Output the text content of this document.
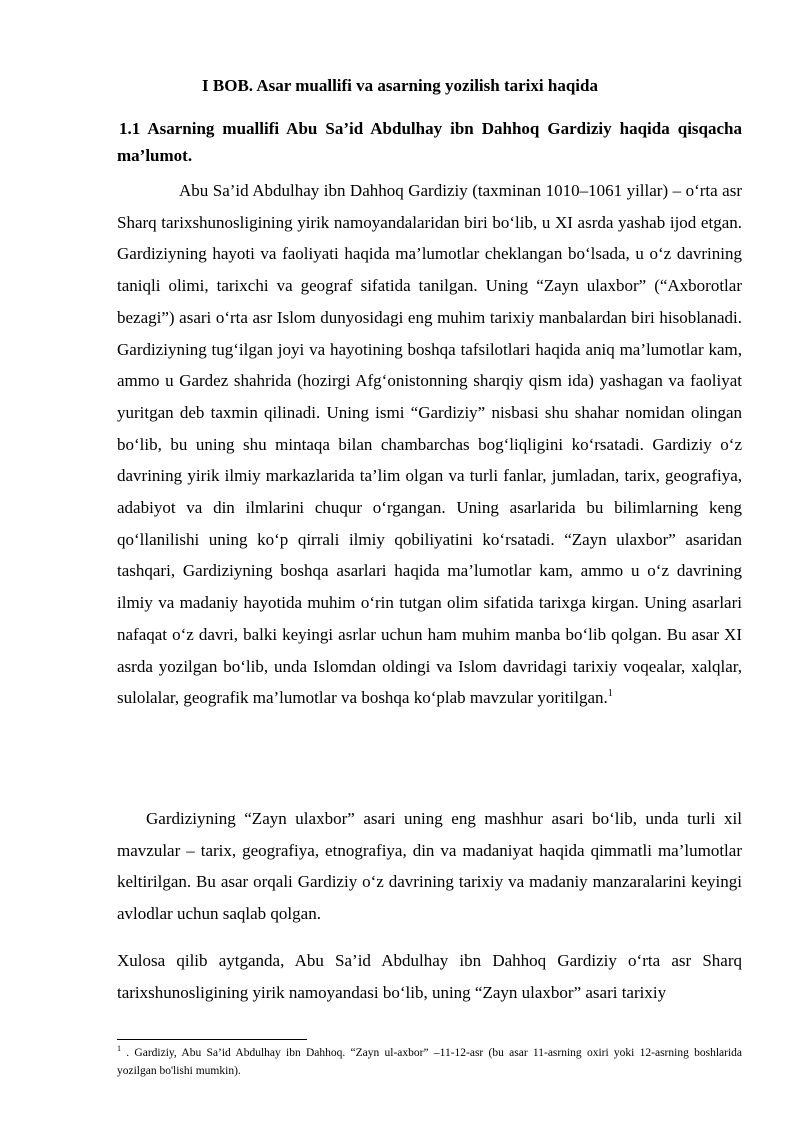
I BOB. Asar muallifi va asarning yozilish tarixi haqida
1.1 Asarning muallifi Abu Sa’id Abdulhay ibn Dahhoq Gardiziy haqida qisqacha ma’lumot.

Abu Sa’id Abdulhay ibn Dahhoq Gardiziy (taxminan 1010–1061 yillar) – o‘rta asr Sharq tarixshunosligining yirik namoyandalaridan biri bo‘lib, u XI asrda yashab ijod etgan. Gardiziyning hayoti va faoliyati haqida ma’lumotlar cheklangan bo‘lsada, u o‘z davrining taniqli olimi, tarixchi va geograf sifatida tanilgan. Uning “Zayn ulaxbor” (“Axborotlar bezagi”) asari o‘rta asr Islom dunyosidagi eng muhim tarixiy manbalardan biri hisoblanadi. Gardiziyning tug‘ilgan joyi va hayotining boshqa tafsilotlari haqida aniq ma’lumotlar kam, ammo u Gardez shahrida (hozirgi Afg‘onistonning sharqiy qism ida) yashagan va faoliyat yuritgan deb taxmin qilinadi. Uning ismi “Gardiziy” nisbasi shu shahar nomidan olingan bo‘lib, bu uning shu mintaqa bilan chambarchas bog‘liqligini ko‘rsatadi. Gardiziy o‘z davrining yirik ilmiy markazlarida ta’lim olgan va turli fanlar, jumladan, tarix, geografiya, adabiyot va din ilmlarini chuqur o‘rgangan. Uning asarlarida bu bilimlarning keng qo‘llanilishi uning ko‘p qirrali ilmiy qobiliyatini ko‘rsatadi. “Zayn ulaxbor” asaridan tashqari, Gardiziyning boshqa asarlari haqida ma’lumotlar kam, ammo u o‘z davrining ilmiy va madaniy hayotida muhim o‘rin tutgan olim sifatida tarixga kirgan. Uning asarlari nafaqat o‘z davri, balki keyingi asrlar uchun ham muhim manba bo‘lib qolgan. Bu asar XI asrda yozilgan bo‘lib, unda Islomdan oldingi va Islom davridagi tarixiy voqealar, xalqlar, sulolalar, geografik ma’lumotlar va boshqa ko‘plab mavzular yoritilgan.$^1$

Gardiziyning “Zayn ulaxbor” asari uning eng mashhur asari bo‘lib, unda turli xil mavzular – tarix, geografiya, etnografiya, din va madaniyat haqida qimmatli ma’lumotlar keltirilgan. Bu asar orqali Gardiziy o‘z davrining tarixiy va madaniy manzaralarini keyingi avlodlar uchun saqlab qolgan.

Xulosa qilib aytganda, Abu Sa’id Abdulhay ibn Dahhoq Gardiziy o‘rta asr Sharq tarixshunosligining yirik namoyandasi bo‘lib, uning “Zayn ulaxbor” asari tarixiy

$^1$ . Gardiziy, Abu Sa’id Abdulhay ibn Dahhoq. “Zayn ul-axbor” –11-12-asr (bu asar 11-asrning oxiri yoki 12-asrning boshlarida yozilgan bo'lishi mumkin).
